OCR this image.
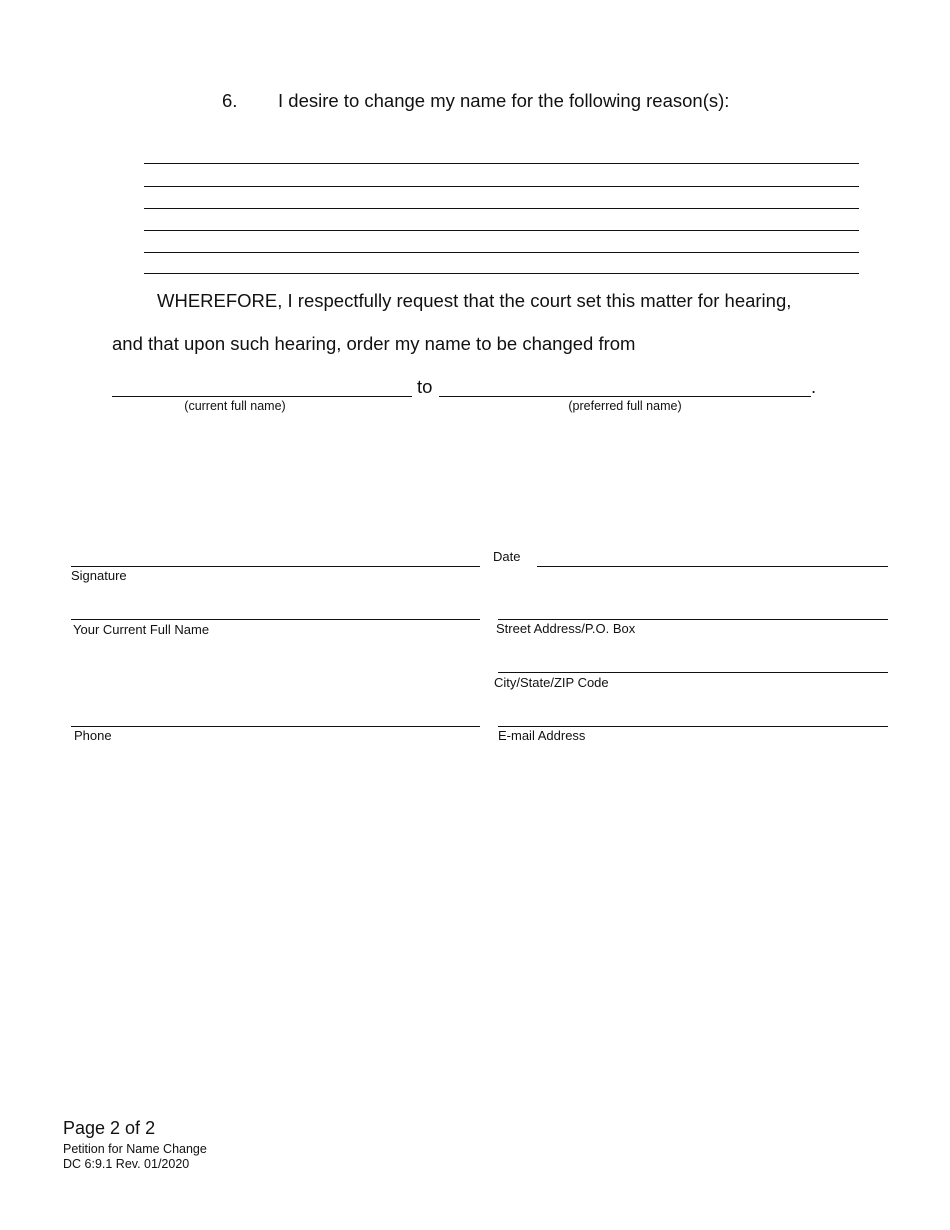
6. I desire to change my name for the following reason(s):
WHEREFORE, I respectfully request that the court set this matter for hearing,
and that upon such hearing, order my name to be changed from
to	.
(current full name)	(preferred full name)
Signature
Date
Your Current Full Name	Street Address/P.O. Box
City/State/ZIP Code
Phone	E-mail Address
Page 2 of 2
Petition for Name Change
DC 6:9.1 Rev. 01/2020
